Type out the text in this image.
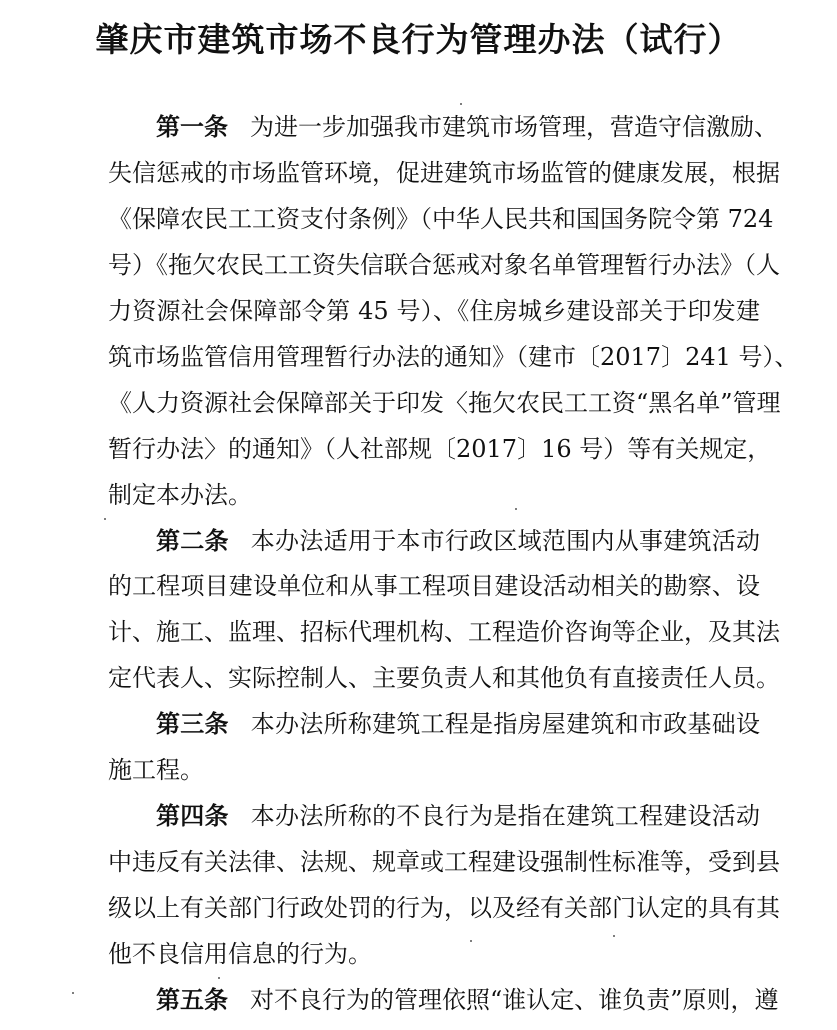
肇庆市建筑市场不良行为管理办法（试行）
第一条 为进一步加强我市建筑市场管理，营造守信激励、
失信惩戒的市场监管环境，促进建筑市场监管的健康发展，根据
《保障农民工工资支付条例》（中华人民共和国国务院令第 724
号）《拖欠农民工工资失信联合惩戒对象名单管理暂行办法》（人
力资源社会保障部令第 45 号）、《住房城乡建设部关于印发建
筑市场监管信用管理暂行办法的通知》（建市〔2017〕241 号）、
《人力资源社会保障部关于印发〈拖欠农民工工资“黑名单”管理
暂行办法〉的通知》（人社部规〔2017〕16 号）等有关规定，
制定本办法。
第二条 本办法适用于本市行政区域范围内从事建筑活动
的工程项目建设单位和从事工程项目建设活动相关的勘察、设
计、施工、监理、招标代理机构、工程造价咨询等企业，及其法
定代表人、实际控制人、主要负责人和其他负有直接责任人员。
第三条 本办法所称建筑工程是指房屋建筑和市政基础设
施工程。
第四条 本办法所称的不良行为是指在建筑工程建设活动
中违反有关法律、法规、规章或工程建设强制性标准等，受到县
级以上有关部门行政处罚的行为，以及经有关部门认定的具有其
他不良信用信息的行为。
第五条 对不良行为的管理依照“谁认定、谁负责”原则，遵
